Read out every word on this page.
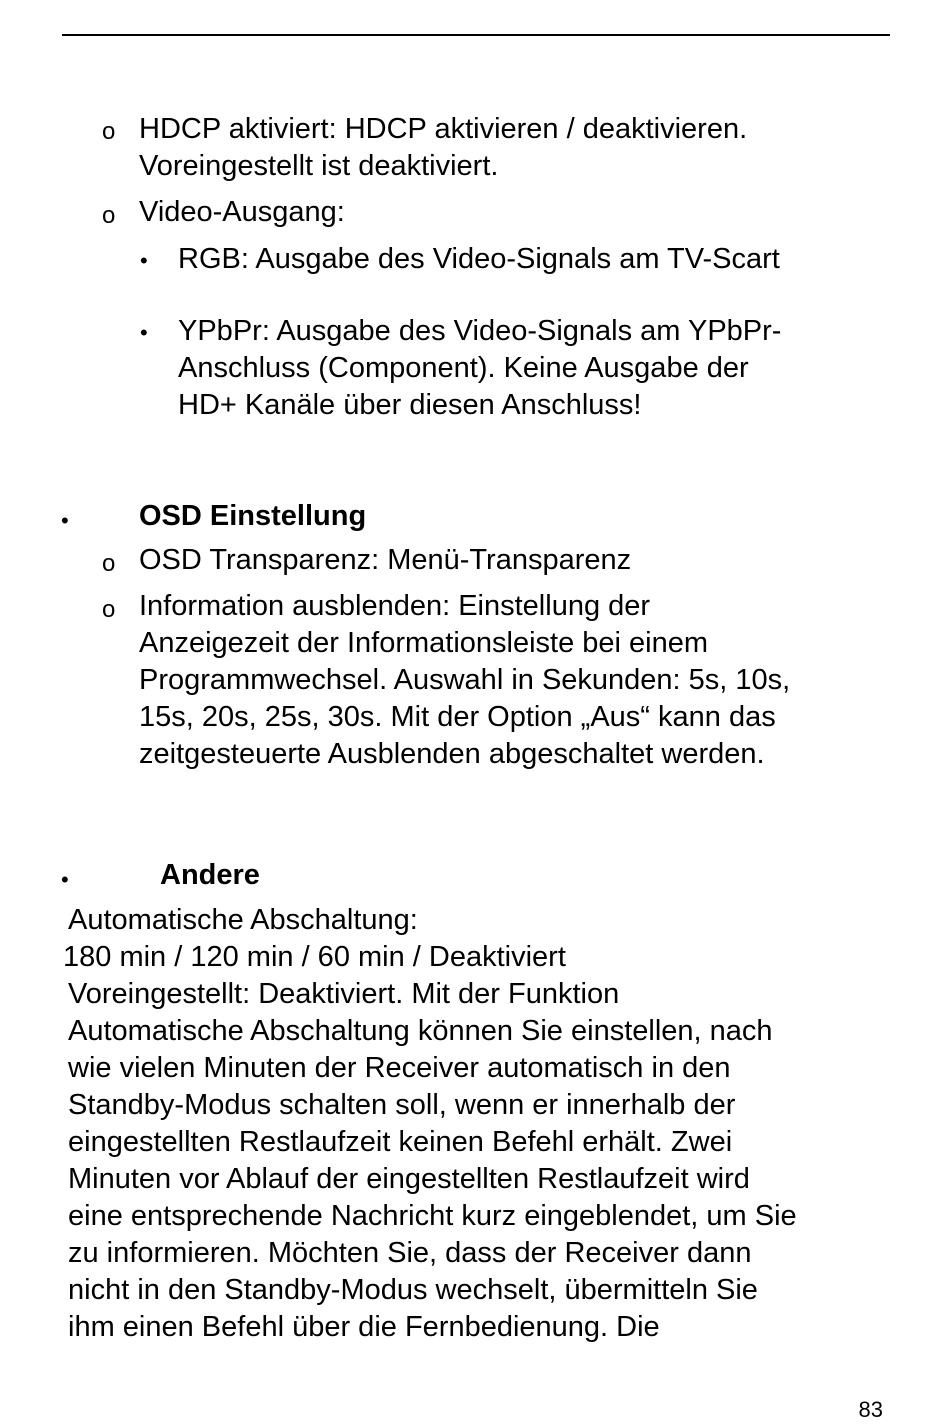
o HDCP aktiviert: HDCP aktivieren / deaktivieren.
Voreingestellt ist deaktiviert.
o Video-Ausgang:
• RGB: Ausgabe des Video-Signals am TV-Scart
• YPbPr: Ausgabe des Video-Signals am YPbPr-
Anschluss (Component). Keine Ausgabe der
HD+ Kanäle über diesen Anschluss!
• OSD Einstellung
o OSD Transparenz: Menü-Transparenz
o Information ausblenden: Einstellung der
Anzeigezeit der Informationsleiste bei einem
Programmwechsel. Auswahl in Sekunden: 5s, 10s,
15s, 20s, 25s, 30s. Mit der Option „Aus“ kann das
zeitgesteuerte Ausblenden abgeschaltet werden.
•	Andere
Automatische Abschaltung:
180 min / 120 min / 60 min / Deaktiviert
Voreingestellt: Deaktiviert. Mit der Funktion
Automatische Abschaltung können Sie einstellen, nach
wie vielen Minuten der Receiver automatisch in den
Standby-Modus schalten soll, wenn er innerhalb der
eingestellten Restlaufzeit keinen Befehl erhält. Zwei
Minuten vor Ablauf der eingestellten Restlaufzeit wird
eine entsprechende Nachricht kurz eingeblendet, um Sie
zu informieren. Möchten Sie, dass der Receiver dann
nicht in den Standby-Modus wechselt, übermitteln Sie
ihm einen Befehl über die Fernbedienung. Die
83
